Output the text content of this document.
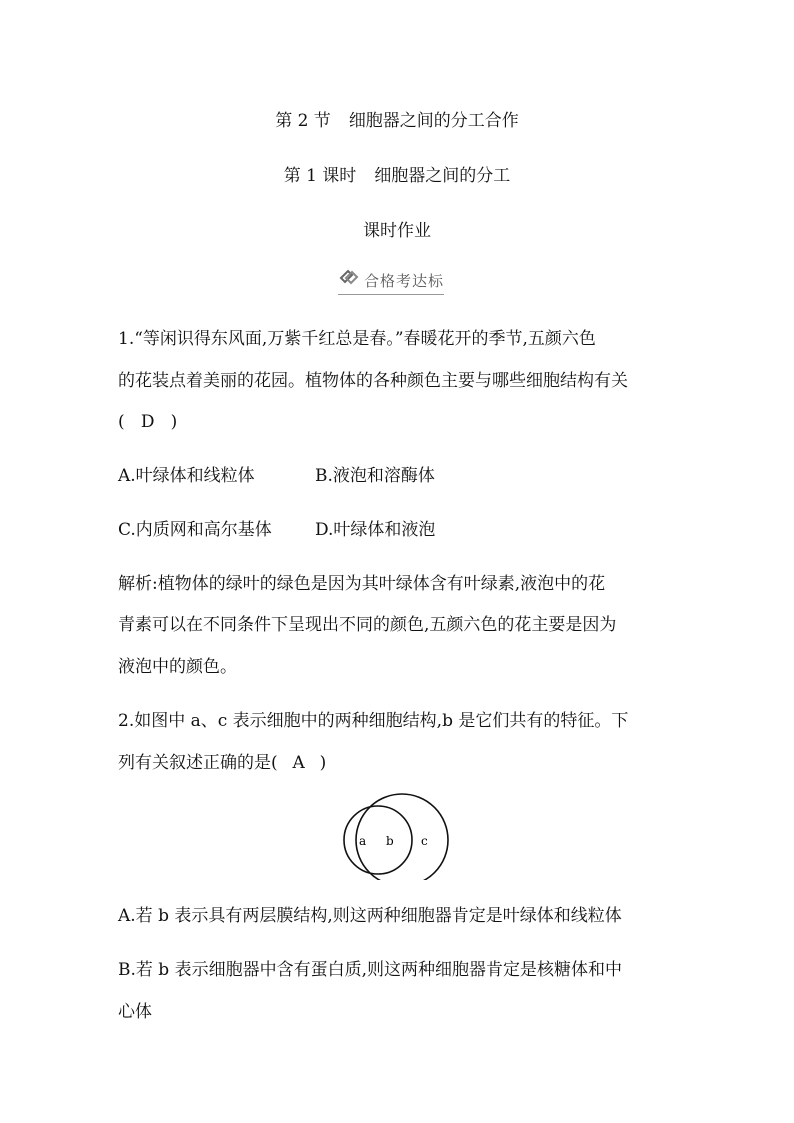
第 2 节 细胞器之间的分工合作
第 1 课时 细胞器之间的分工
课时作业
合格考达标
1.“等闲识得东风面,万紫千红总是春。”春暖花开的季节,五颜六色
的花装点着美丽的花园。植物体的各种颜色主要与哪些细胞结构有关
( D )
A.叶绿体和线粒体	B.液泡和溶酶体
C.内质网和高尔基体	D.叶绿体和液泡
解析:植物体的绿叶的绿色是因为其叶绿体含有叶绿素,液泡中的花
青素可以在不同条件下呈现出不同的颜色,五颜六色的花主要是因为
液泡中的颜色。
2.如图中 a、c 表示细胞中的两种细胞结构,b 是它们共有的特征。下
列有关叙述正确的是( A )
a b c
A.若 b 表示具有两层膜结构,则这两种细胞器肯定是叶绿体和线粒体
B.若 b 表示细胞器中含有蛋白质,则这两种细胞器肯定是核糖体和中
心体
